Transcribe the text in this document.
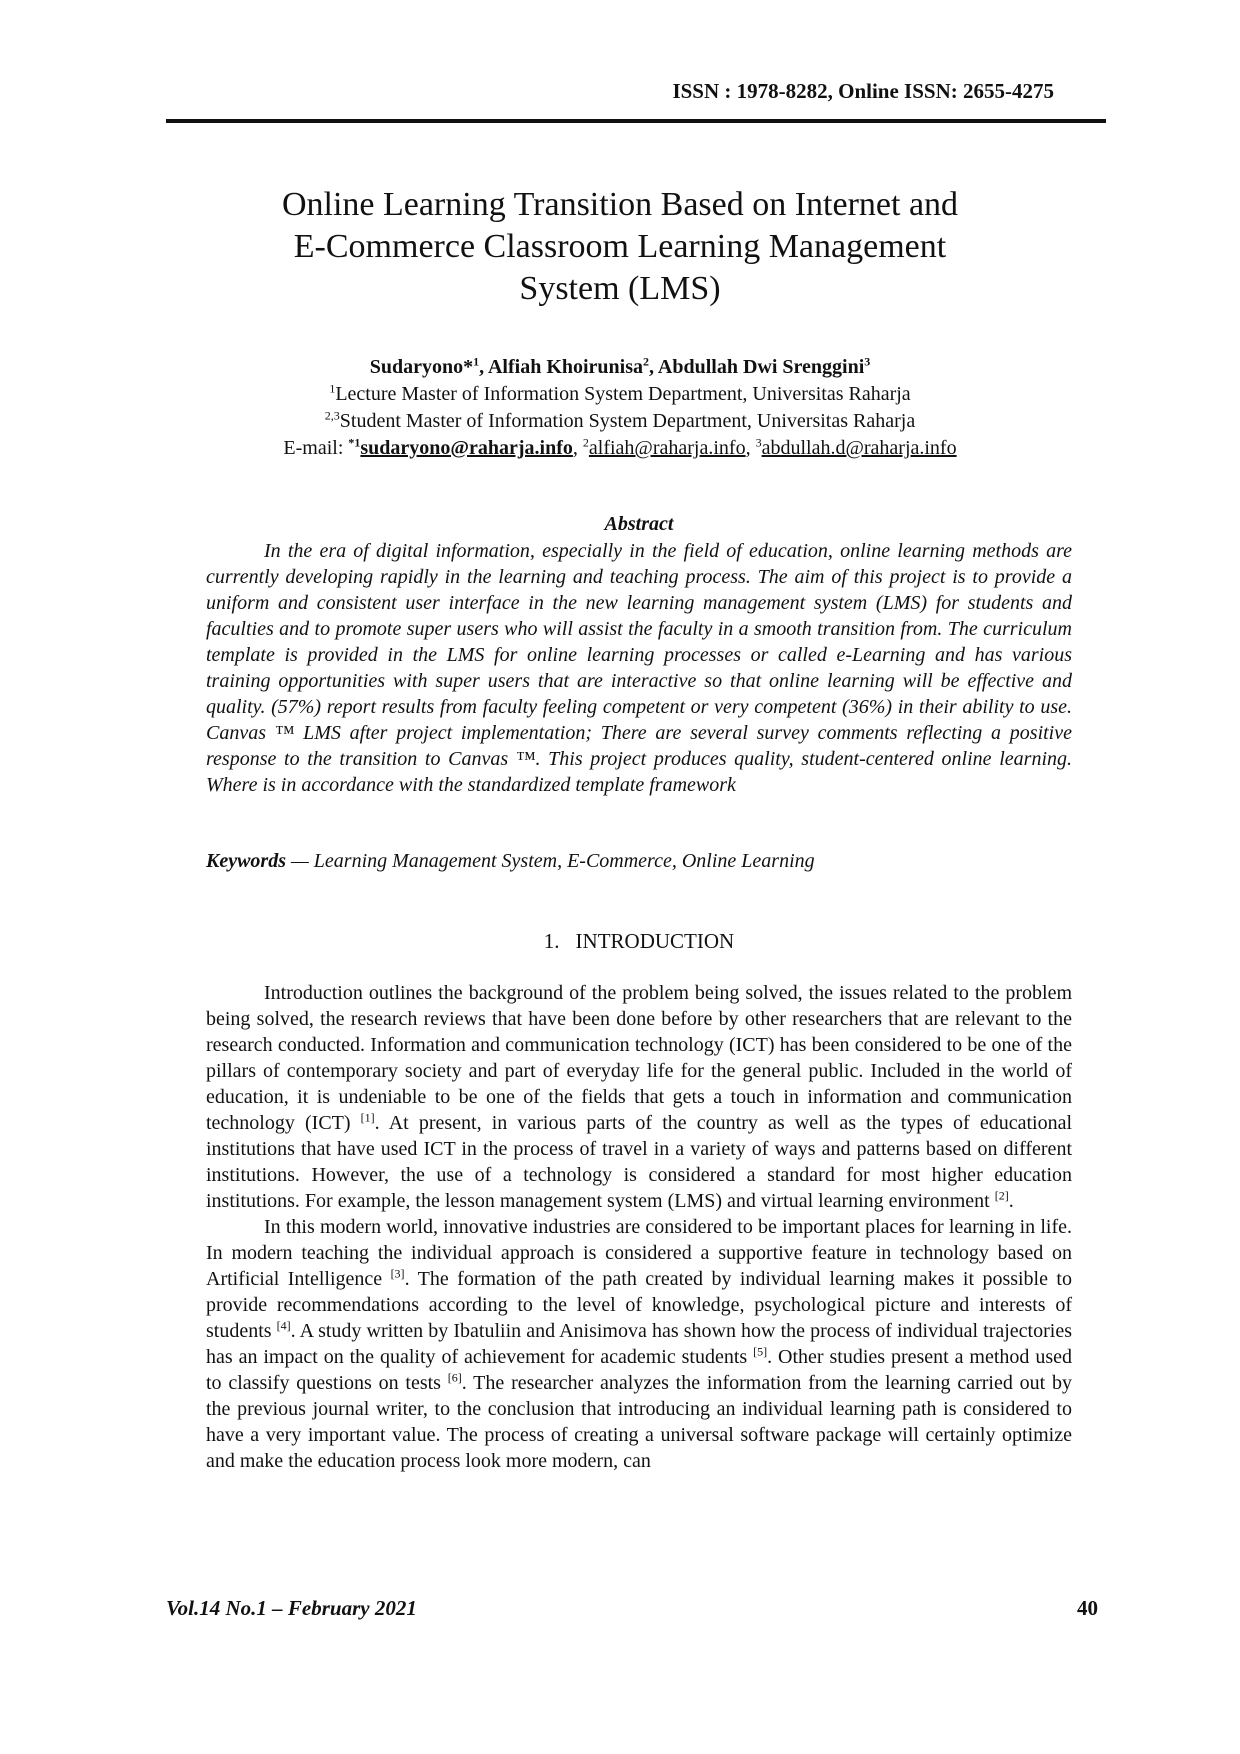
ISSN : 1978-8282, Online ISSN: 2655-4275
Online Learning Transition Based on Internet and
E-Commerce Classroom Learning Management
System (LMS)
Sudaryono*$^1$, Alfiah Khoirunisa$^2$, Abdullah Dwi Srenggini$^3$
$^1$Lecture Master of Information System Department, Universitas Raharja
$^{2,3}$Student Master of Information System Department, Universitas Raharja
E-mail: $^{*1}$sudaryono@raharja.info, $^2$alfiah@raharja.info, $^3$abdullah.d@raharja.info
Abstract

In the era of digital information, especially in the field of education, online learning methods are currently developing rapidly in the learning and teaching process. The aim of this project is to provide a uniform and consistent user interface in the new learning management system (LMS) for students and faculties and to promote super users who will assist the faculty in a smooth transition from. The curriculum template is provided in the LMS for online learning processes or called e-Learning and has various training opportunities with super users that are interactive so that online learning will be effective and quality. (57%) report results from faculty feeling competent or very competent (36%) in their ability to use. Canvas ™ LMS after project implementation; There are several survey comments reflecting a positive response to the transition to Canvas ™. This project produces quality, student-centered online learning. Where is in accordance with the standardized template framework

Keywords — Learning Management System, E-Commerce, Online Learning
1. INTRODUCTION

Introduction outlines the background of the problem being solved, the issues related to the problem being solved, the research reviews that have been done before by other researchers that are relevant to the research conducted. Information and communication technology (ICT) has been considered to be one of the pillars of contemporary society and part of everyday life for the general public. Included in the world of education, it is undeniable to be one of the fields that gets a touch in information and communication technology (ICT) [1]. At present, in various parts of the country as well as the types of educational institutions that have used ICT in the process of travel in a variety of ways and patterns based on different institutions. However, the use of a technology is considered a standard for most higher education institutions. For example, the lesson management system (LMS) and virtual learning environment [2].

In this modern world, innovative industries are considered to be important places for learning in life. In modern teaching the individual approach is considered a supportive feature in technology based on Artificial Intelligence [3]. The formation of the path created by individual learning makes it possible to provide recommendations according to the level of knowledge, psychological picture and interests of students [4]. A study written by Ibatuliin and Anisimova has shown how the process of individual trajectories has an impact on the quality of achievement for academic students [5]. Other studies present a method used to classify questions on tests [6]. The researcher analyzes the information from the learning carried out by the previous journal writer, to the conclusion that introducing an individual learning path is considered to have a very important value. The process of creating a universal software package will certainly optimize and make the education process look more modern, can

Vol.14 No.1 – February 2021	40
